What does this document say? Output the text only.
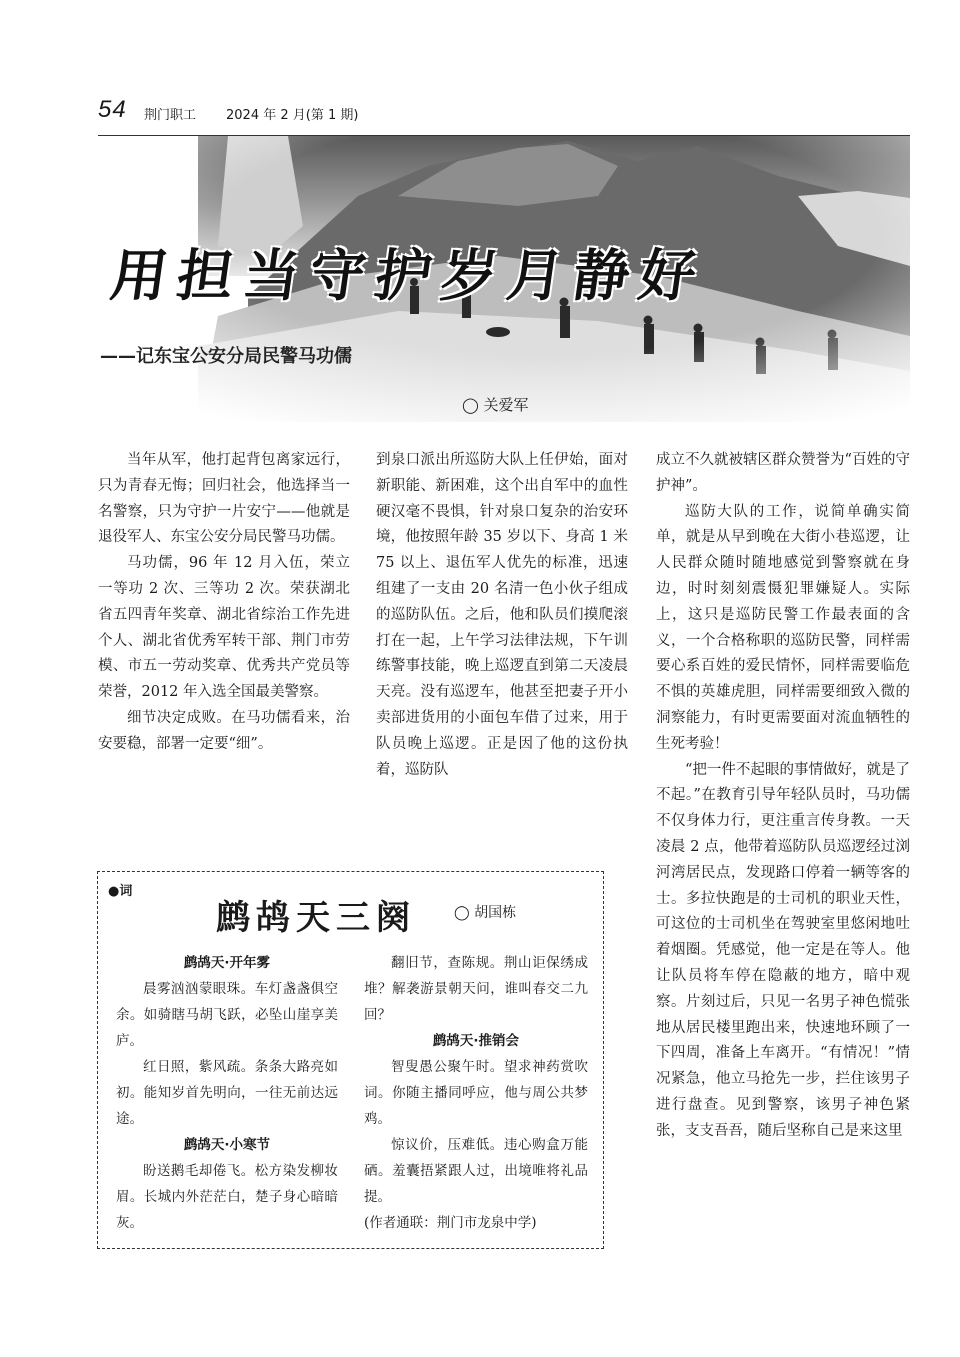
54 荆门职工 2024 年 2 月(第 1 期)
用担当守护岁月静好
——记东宝公安分局民警马功儒
◯ 关爱军

当年从军，他打起背包离家远行，只为青春无悔；回归社会，他选择当一名警察，只为守护一片安宁——他就是退役军人、东宝公安分局民警马功儒。

马功儒，96 年 12 月入伍，荣立一等功 2 次、三等功 2 次。荣获湖北省五四青年奖章、湖北省综治工作先进个人、湖北省优秀军转干部、荆门市劳模、市五一劳动奖章、优秀共产党员等荣誉，2012 年入选全国最美警察。

细节决定成败。在马功儒看来，治安要稳，部署一定要“细”。

到泉口派出所巡防大队上任伊始，面对新职能、新困难，这个出自军中的血性硬汉毫不畏惧，针对泉口复杂的治安环境，他按照年龄 35 岁以下、身高 1 米 75 以上、退伍军人优先的标准，迅速组建了一支由 20 名清一色小伙子组成的巡防队伍。之后，他和队员们摸爬滚打在一起，上午学习法律法规，下午训练警事技能，晚上巡逻直到第二天凌晨天亮。没有巡逻车，他甚至把妻子开小卖部进货用的小面包车借了过来，用于队员晚上巡逻。正是因了他的这份执着，巡防队

成立不久就被辖区群众赞誉为“百姓的守护神”。

巡防大队的工作，说简单确实简单，就是从早到晚在大街小巷巡逻，让人民群众随时随地感觉到警察就在身边，时时刻刻震慑犯罪嫌疑人。实际上，这只是巡防民警工作最表面的含义，一个合格称职的巡防民警，同样需要心系百姓的爱民情怀，同样需要临危不惧的英雄虎胆，同样需要细致入微的洞察能力，有时更需要面对流血牺牲的生死考验！

“把一件不起眼的事情做好，就是了不起。”在教育引导年轻队员时，马功儒不仅身体力行，更注重言传身教。一天凌晨 2 点，他带着巡防队员巡逻经过浏河湾居民点，发现路口停着一辆等客的士。多拉快跑是的士司机的职业天性，可这位的士司机坐在驾驶室里悠闲地吐着烟圈。凭感觉，他一定是在等人。他让队员将车停在隐蔽的地方，暗中观察。片刻过后，只见一名男子神色慌张地从居民楼里跑出来，快速地环顾了一下四周，准备上车离开。“有情况！”情况紧急，他立马抢先一步，拦住该男子进行盘查。见到警察，该男子神色紧张，支支吾吾，随后坚称自己是来这里

●词
鹧鸪天三阕	◯ 胡国栋

鹧鸪天·开年雾

晨雾汹汹蒙眼珠。车灯盏盏俱空余。如骑瞎马胡飞跃，必坠山崖享美庐。

红日照，紫风疏。条条大路亮如初。能知岁首先明向，一往无前达远途。

鹧鸪天·小寒节

盼送鹅毛却倦飞。松方染发柳妆眉。长城内外茫茫白，楚子身心暗暗灰。

翻旧节，查陈规。荆山讵保绣成堆？解袭游景朝天问，谁叫春交二九回？

鹧鸪天·推销会

智叟愚公聚午时。望求神药赏吹词。你随主播同呼应，他与周公共梦鸡。

惊议价，压难低。违心购盒万能硒。羞囊捂紧跟人过，出境唯将礼品提。

(作者通联：荆门市龙泉中学)
